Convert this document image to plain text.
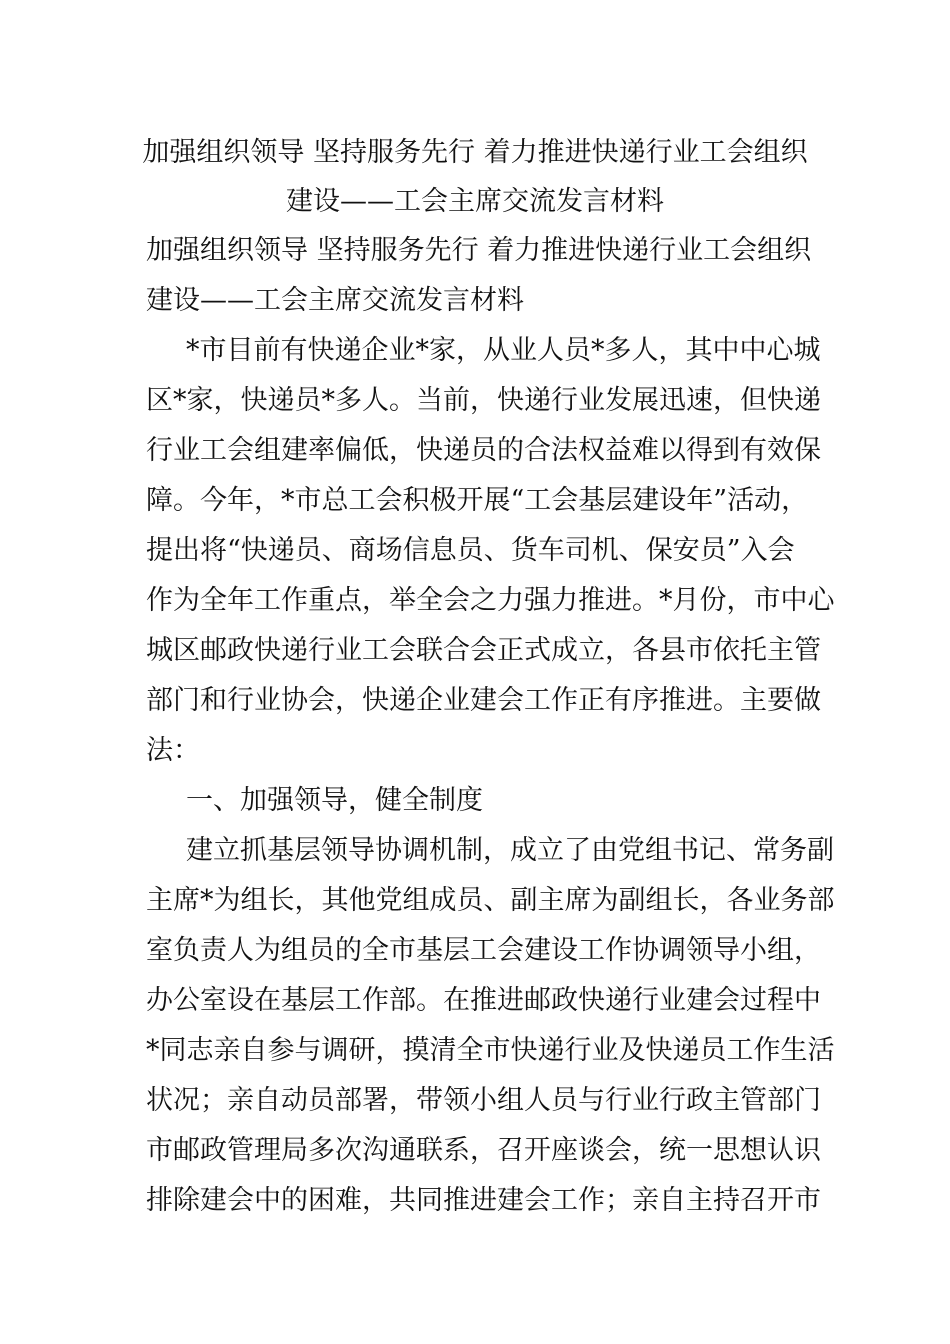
加强组织领导 坚持服务先行 着力推进快递行业工会组织
建设——工会主席交流发言材料
加强组织领导 坚持服务先行 着力推进快递行业工会组织
建设——工会主席交流发言材料
*市目前有快递企业*家，从业人员*多人，其中中心城
区*家，快递员*多人。当前，快递行业发展迅速，但快递
行业工会组建率偏低，快递员的合法权益难以得到有效保
障。今年，*市总工会积极开展“工会基层建设年”活动，
提出将“快递员、商场信息员、货车司机、保安员”入会
作为全年工作重点，举全会之力强力推进。*月份，市中心
城区邮政快递行业工会联合会正式成立，各县市依托主管
部门和行业协会，快递企业建会工作正有序推进。主要做
法：
一、加强领导，健全制度
建立抓基层领导协调机制，成立了由党组书记、常务副
主席*为组长，其他党组成员、副主席为副组长，各业务部
室负责人为组员的全市基层工会建设工作协调领导小组，
办公室设在基层工作部。在推进邮政快递行业建会过程中
*同志亲自参与调研，摸清全市快递行业及快递员工作生活
状况；亲自动员部署，带领小组人员与行业行政主管部门
市邮政管理局多次沟通联系，召开座谈会，统一思想认识
排除建会中的困难，共同推进建会工作；亲自主持召开市
